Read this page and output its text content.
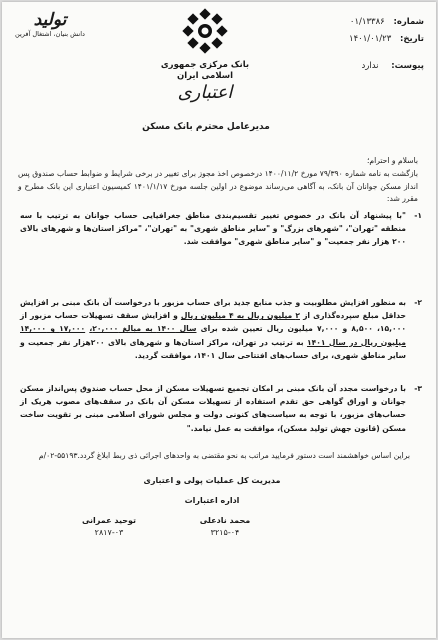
شماره: ۰۱/۱۳۳۸۶
تاریخ: ۱۴۰۱/۰۱/۲۳
پیوست: ندارد
بانک مرکزی جمهوری اسلامی ایران
اعتباری
تولید
دانش بنیان، اشتغال آفرین
مدیرعامل محترم بانک مسکن
باسلام و احترام؛
بازگشت به نامه شماره ۷۹/۳۹۰ مورخ ۱۴۰۰/۱۱/۲ درخصوص اخذ مجوز برای تغییر در برخی شرایط و ضوابط حساب صندوق پس انداز مسکن جوانان آن بانک، به آگاهی می‌رساند موضوع در اولین جلسه مورخ ۱۴۰۱/۱/۱۷ کمیسیون اعتباری این بانک مطرح و مقرر شد:
۱-
"با پیشنهاد آن بانک در خصوص تغییر تقسیم‌بندی مناطق جغرافیایی حساب جوانان به ترتیب با سه منطقه "تهران"، "شهرهای بزرگ" و "سایر مناطق شهری" به "تهران"، "مراکز استان‌ها و شهرهای بالای ۲۰۰ هزار نفر جمعیت" و "سایر مناطق شهری" موافقت شد.
۲-
به منظور افزایش مطلوبیت و جذب منابع جدید برای حساب مزبور با درخواست آن بانک مبنی بر افزایش حداقل مبلغ سپرده‌گذاری از ۲ میلیون ریال به ۴ میلیون ریال و افزایش سقف تسهیلات حساب مزبور از ۱۵,۰۰۰، ۸,۵۰۰ و ۷,۰۰۰ میلیون ریال تعیین شده برای سال ۱۴۰۰ به مبالغ ۲۰,۰۰۰، ۱۷,۰۰۰ و ۱۴,۰۰۰ میلیون ریال در سال ۱۴۰۱ به ترتیب در تهران، مراکز استان‌ها و شهرهای بالای ۲۰۰هزار نفر جمعیت و سایر مناطق شهری، برای حساب‌های افتتاحی سال ۱۴۰۱، موافقت گردید.
۳-
با درخواست مجدد آن بانک مبنی بر امکان تجمیع تسهیلات مسکن از محل حساب صندوق پس‌انداز مسکن جوانان و اوراق گواهی حق تقدم استفاده از تسهیلات مسکن آن بانک در سقف‌های مصوب هریک از حساب‌های مزبور، با توجه به سیاست‌های کنونی دولت و مجلس شورای اسلامی مبنی بر تقویت ساخت مسکن (قانون جهش تولید مسکن)، موافقت به عمل نیامد."
براین اساس خواهشمند است دستور فرمایید مراتب به نحو مقتضی به واحدهای اجرائی ذی ربط ابلاغ گردد.۵۵۱۹۳-۰۲/م
مدیریت کل عملیات پولی و اعتباری
اداره اعتبارات
محمد نادعلی
۳۲۱۵-۰۴
توحید عمرانی
۲۸۱۷-۰۳
